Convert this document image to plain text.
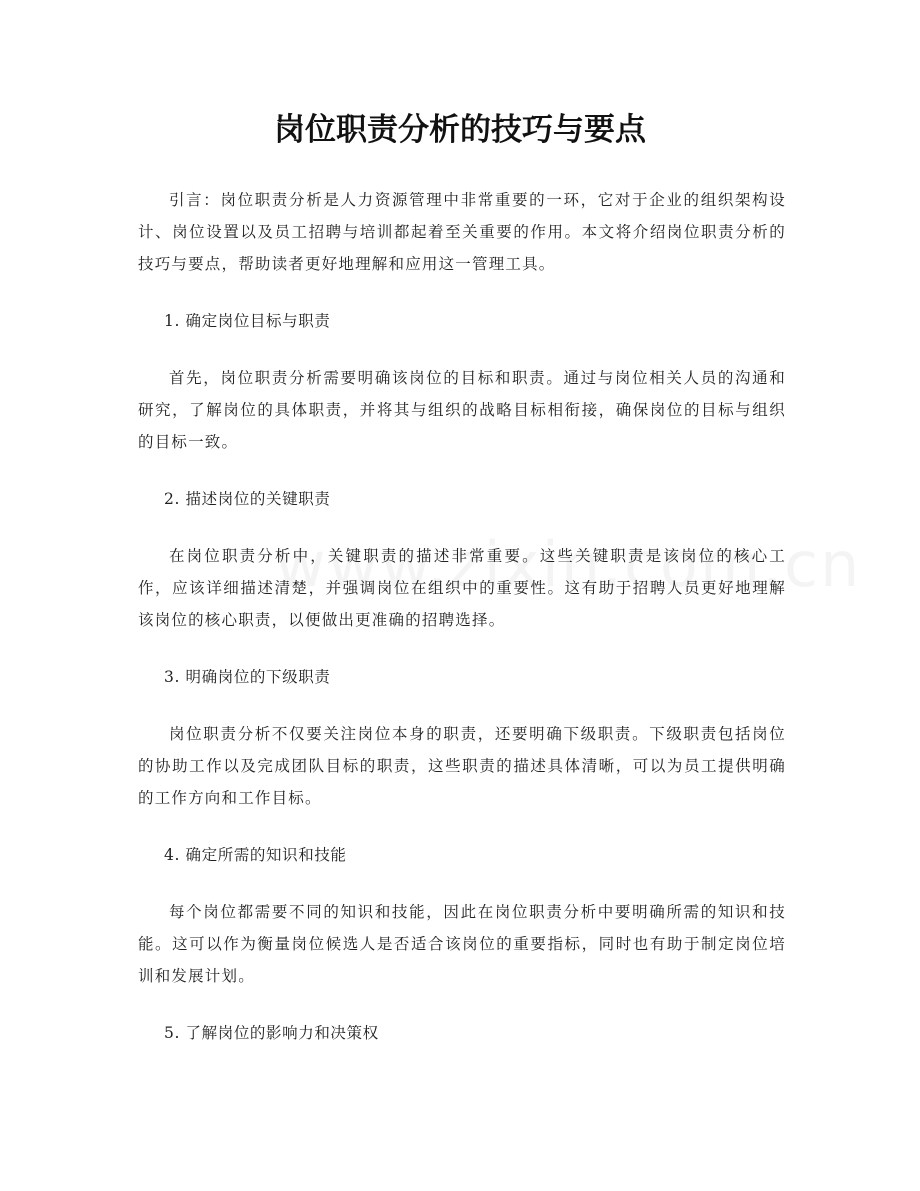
岗位职责分析的技巧与要点

引言：岗位职责分析是人力资源管理中非常重要的一环，它对于企业的组织架构设计、岗位设置以及员工招聘与培训都起着至关重要的作用。本文将介绍岗位职责分析的技巧与要点，帮助读者更好地理解和应用这一管理工具。

1. 确定岗位目标与职责

首先，岗位职责分析需要明确该岗位的目标和职责。通过与岗位相关人员的沟通和研究，了解岗位的具体职责，并将其与组织的战略目标相衔接，确保岗位的目标与组织的目标一致。

2. 描述岗位的关键职责

在岗位职责分析中，关键职责的描述非常重要。这些关键职责是该岗位的核心工作，应该详细描述清楚，并强调岗位在组织中的重要性。这有助于招聘人员更好地理解该岗位的核心职责，以便做出更准确的招聘选择。

3. 明确岗位的下级职责

岗位职责分析不仅要关注岗位本身的职责，还要明确下级职责。下级职责包括岗位的协助工作以及完成团队目标的职责，这些职责的描述具体清晰，可以为员工提供明确的工作方向和工作目标。

4. 确定所需的知识和技能

每个岗位都需要不同的知识和技能，因此在岗位职责分析中要明确所需的知识和技能。这可以作为衡量岗位候选人是否适合该岗位的重要指标，同时也有助于制定岗位培训和发展计划。

5. 了解岗位的影响力和决策权
